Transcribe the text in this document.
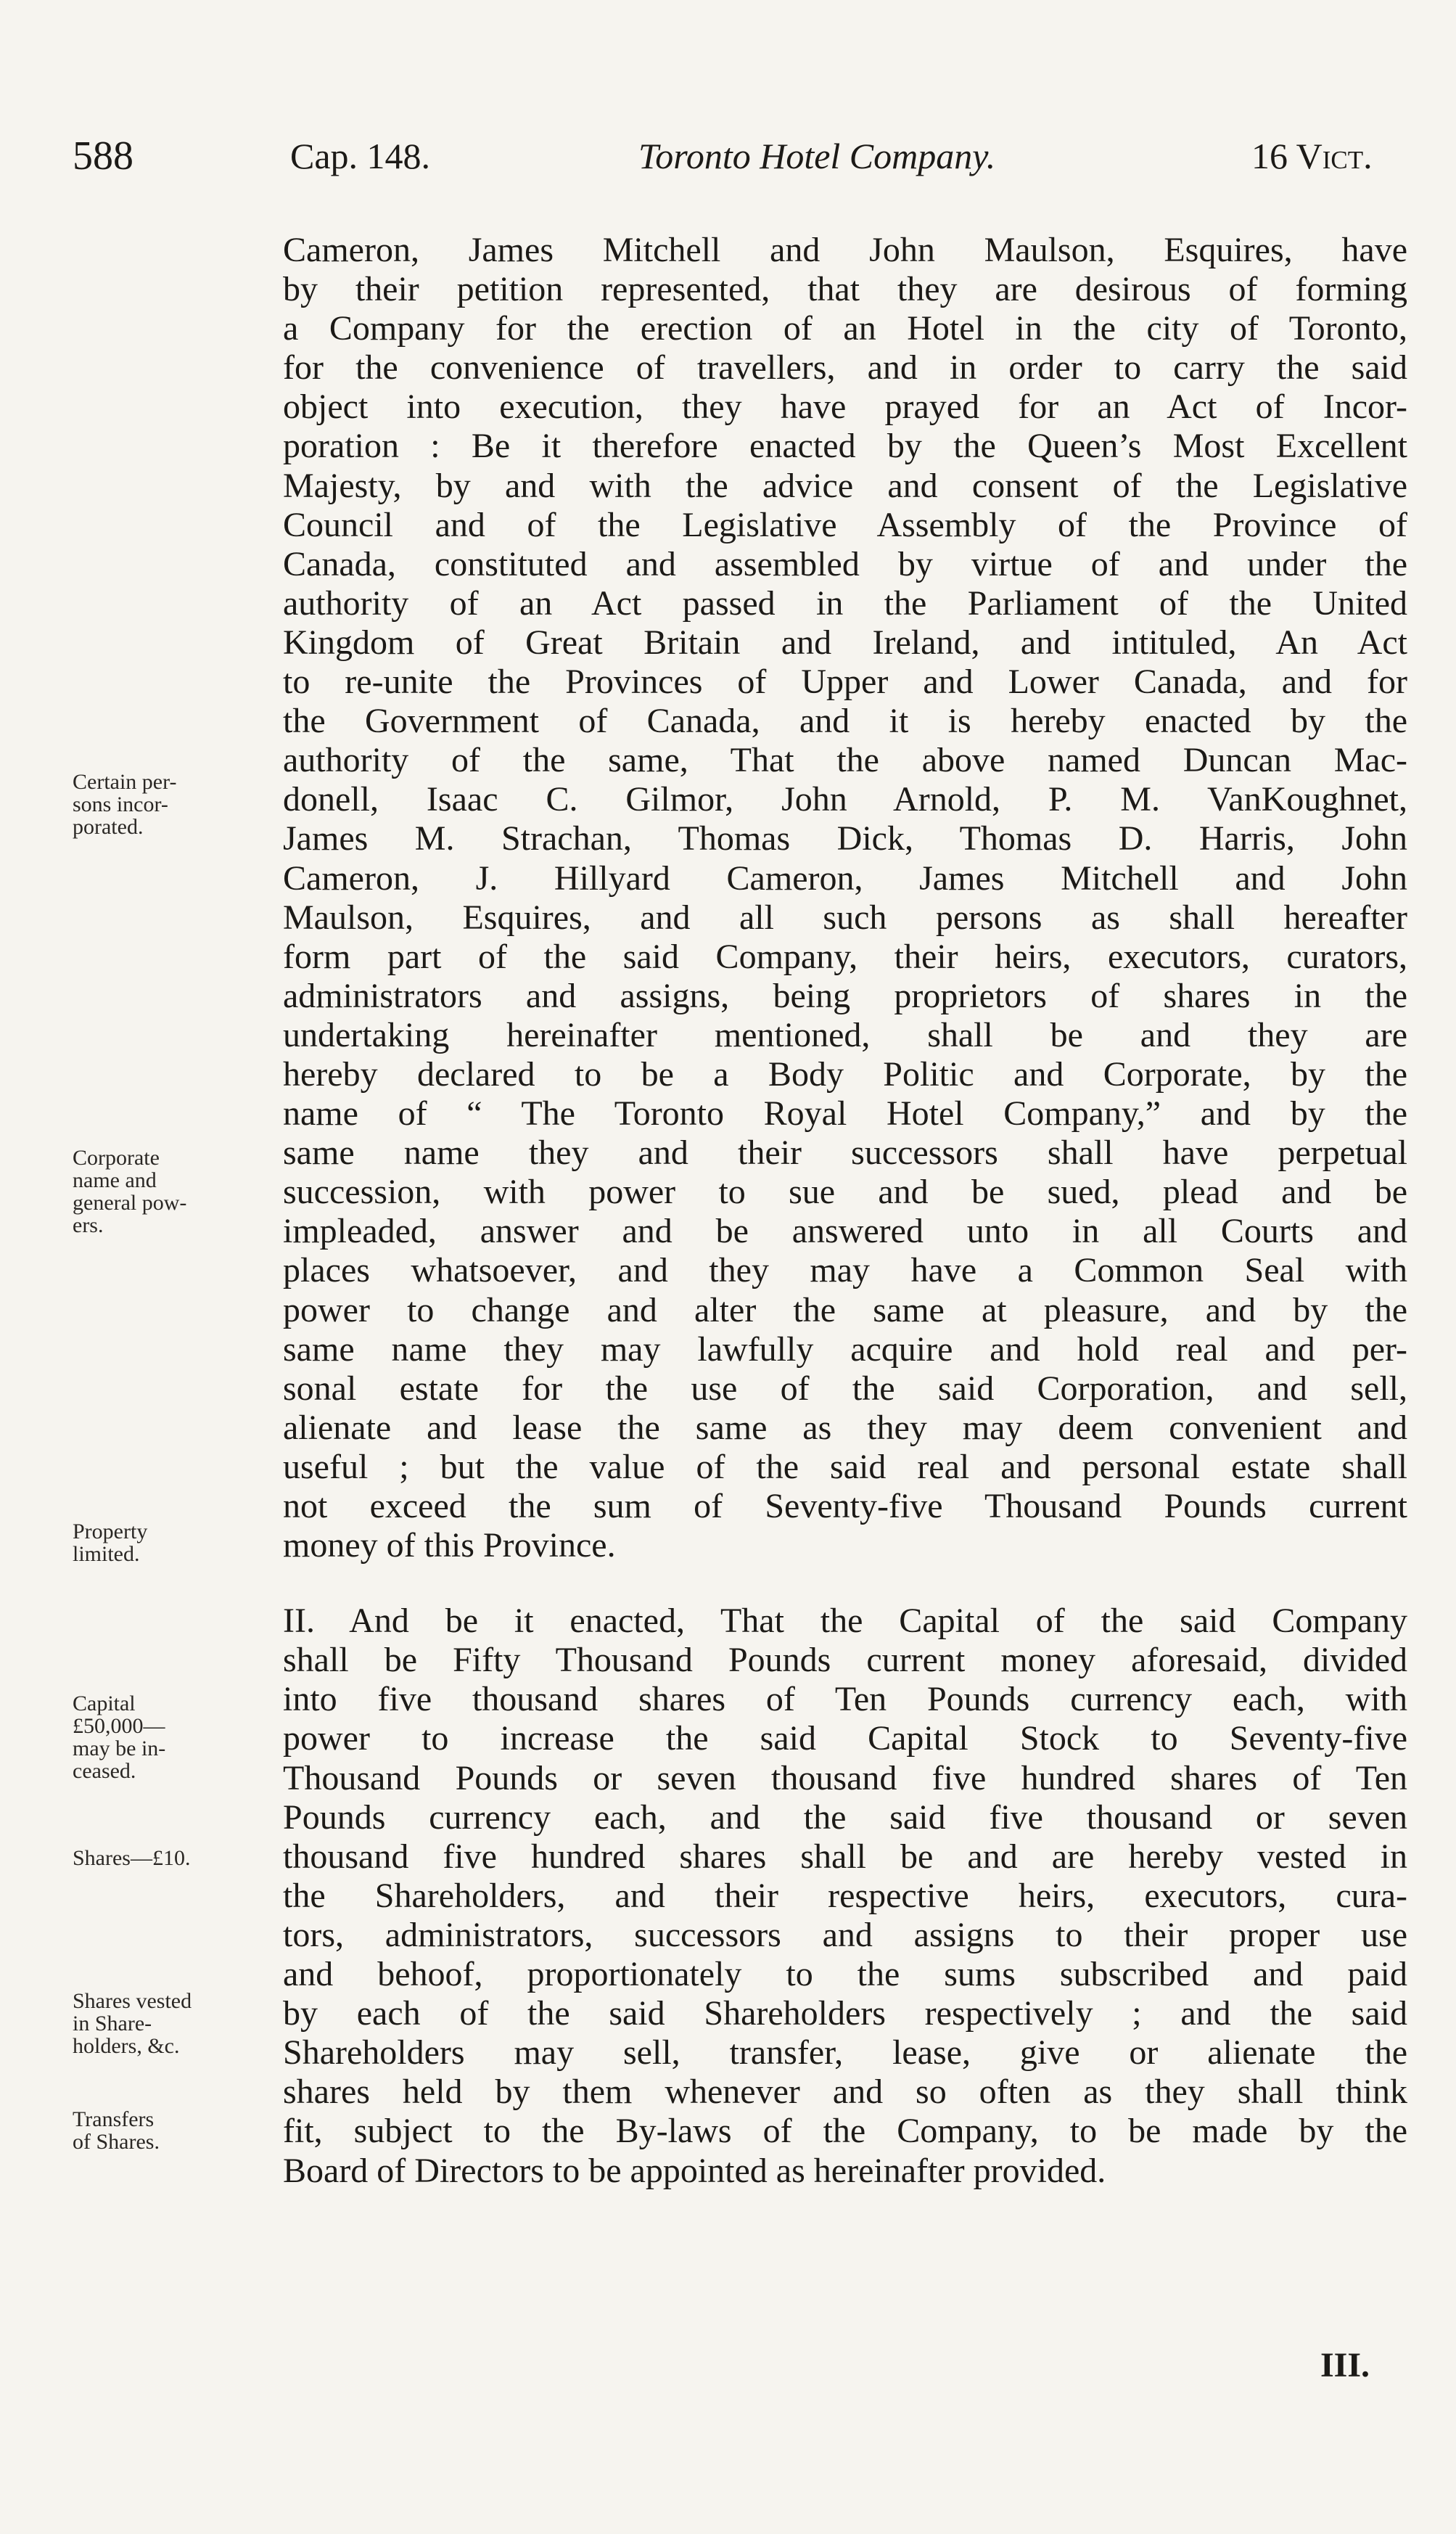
588	Cap. 148.	Toronto Hotel Company.	16 Vict.
Cameron, James Mitchell and John Maulson, Esquires, have
by their petition represented, that they are desirous of forming
a Company for the erection of an Hotel in the city of Toronto,
for the convenience of travellers, and in order to carry the said
object into execution, they have prayed for an Act of Incor-
poration : Be it therefore enacted by the Queen’s Most Excellent
Majesty, by and with the advice and consent of the Legislative
Council and of the Legislative Assembly of the Province of
Canada, constituted and assembled by virtue of and under the
authority of an Act passed in the Parliament of the United
Kingdom of Great Britain and Ireland, and intituled, An Act
to re-unite the Provinces of Upper and Lower Canada, and for
the Government of Canada, and it is hereby enacted by the
authority of the same, That the above named Duncan Mac-
donell, Isaac C. Gilmor, John Arnold, P. M. VanKoughnet,
James M. Strachan, Thomas Dick, Thomas D. Harris, John
Cameron, J. Hillyard Cameron, James Mitchell and John
Maulson, Esquires, and all such persons as shall hereafter
form part of the said Company, their heirs, executors, curators,
administrators and assigns, being proprietors of shares in the
undertaking hereinafter mentioned, shall be and they are
hereby declared to be a Body Politic and Corporate, by the
name of “ The Toronto Royal Hotel Company,” and by the
same name they and their successors shall have perpetual
succession, with power to sue and be sued, plead and be
impleaded, answer and be answered unto in all Courts and
places whatsoever, and they may have a Common Seal with
power to change and alter the same at pleasure, and by the
same name they may lawfully acquire and hold real and per-
sonal estate for the use of the said Corporation, and sell,
alienate and lease the same as they may deem convenient and
useful ; but the value of the said real and personal estate shall
not exceed the sum of Seventy-five Thousand Pounds current
money of this Province.
II. And be it enacted, That the Capital of the said Company
shall be Fifty Thousand Pounds current money aforesaid, divided
into five thousand shares of Ten Pounds currency each, with
power to increase the said Capital Stock to Seventy-five
Thousand Pounds or seven thousand five hundred shares of Ten
Pounds currency each, and the said five thousand or seven
thousand five hundred shares shall be and are hereby vested in
the Shareholders, and their respective heirs, executors, cura-
tors, administrators, successors and assigns to their proper use
and behoof, proportionately to the sums subscribed and paid
by each of the said Shareholders respectively ; and the said
Shareholders may sell, transfer, lease, give or alienate the
shares held by them whenever and so often as they shall think
fit, subject to the By-laws of the Company, to be made by the
Board of Directors to be appointed as hereinafter provided.
Certain per-
sons incor-
porated.
Corporate
name and
general pow-
ers.
Property
limited.
Capital
£50,000—
may be in-
ceased.
Shares—£10.
Shares vested
in Share-
holders, &c.
Transfers
of Shares.
III.
